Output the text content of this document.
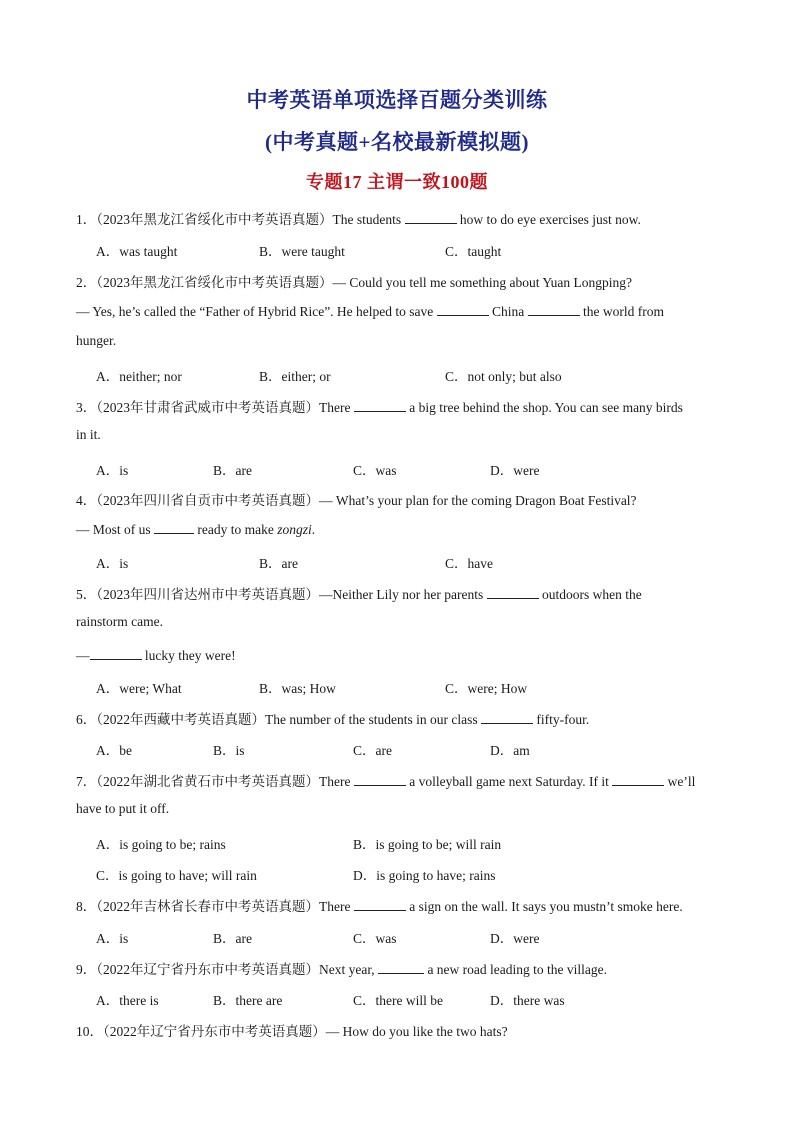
中考英语单项选择百题分类训练
(中考真题+名校最新模拟题)
专题17 主谓一致100题
1．（2023年黑龙江省绥化市中考英语真题）The students	how to do eye exercises just now.
A．was taught	B．were taught	C．taught
2．（2023年黑龙江省绥化市中考英语真题）— Could you tell me something about Yuan Longping?
— Yes, he’s called the “Father of Hybrid Rice”. He helped to save	China	the world from
hunger.
A．neither; nor	B．either; or	C．not only; but also
3．（2023年甘肃省武威市中考英语真题）There	a big tree behind the shop. You can see many birds
in it.
A．is	B．are	C．was	D．were
4．（2023年四川省自贡市中考英语真题）— What’s your plan for the coming Dragon Boat Festival?
— Most of us	ready to make zongzi.
A．is	B．are	C．have
5．（2023年四川省达州市中考英语真题）—Neither Lily nor her parents	outdoors when the
rainstorm came.
—	lucky they were!
A．were; What	B．was; How	C．were; How
6．（2022年西藏中考英语真题）The number of the students in our class	fifty-four.
A．be	B．is	C．are	D．am
7．（2022年湖北省黄石市中考英语真题）There	a volleyball game next Saturday. If it	we’ll
have to put it off.
A．is going to be; rains	B．is going to be; will rain
C．is going to have; will rain	D．is going to have; rains
8．（2022年吉林省长春市中考英语真题）There	a sign on the wall. It says you mustn’t smoke here.
A．is	B．are	C．was	D．were
9．（2022年辽宁省丹东市中考英语真题）Next year,	a new road leading to the village.
A．there is	B．there are	C．there will be	D．there was
10．（2022年辽宁省丹东市中考英语真题）— How do you like the two hats?
